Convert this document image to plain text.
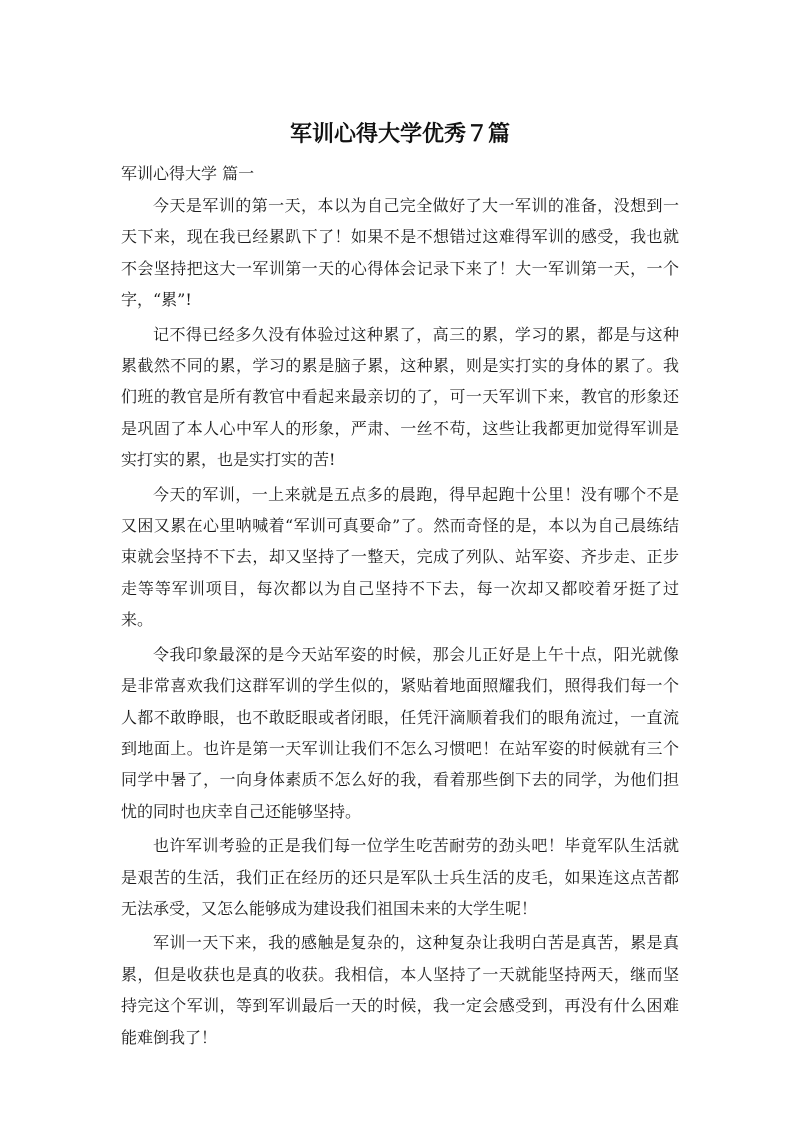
军训心得大学优秀７篇
军训心得大学 篇一

今天是军训的第一天，本以为自己完全做好了大一军训的准备，没想到一天下来，现在我已经累趴下了！如果不是不想错过这难得军训的感受，我也就不会坚持把这大一军训第一天的心得体会记录下来了！大一军训第一天，一个字，“累”!

记不得已经多久没有体验过这种累了，高三的累，学习的累，都是与这种累截然不同的累，学习的累是脑子累，这种累，则是实打实的身体的累了。我们班的教官是所有教官中看起来最亲切的了，可一天军训下来，教官的形象还是巩固了本人心中军人的形象，严肃、一丝不苟，这些让我都更加觉得军训是实打实的累，也是实打实的苦!

今天的军训，一上来就是五点多的晨跑，得早起跑十公里！没有哪个不是又困又累在心里呐喊着“军训可真要命”了。然而奇怪的是，本以为自己晨练结束就会坚持不下去，却又坚持了一整天，完成了列队、站军姿、齐步走、正步走等等军训项目，每次都以为自己坚持不下去，每一次却又都咬着牙挺了过来。

令我印象最深的是今天站军姿的时候，那会儿正好是上午十点，阳光就像是非常喜欢我们这群军训的学生似的，紧贴着地面照耀我们，照得我们每一个人都不敢睁眼，也不敢眨眼或者闭眼，任凭汗滴顺着我们的眼角流过，一直流到地面上。也许是第一天军训让我们不怎么习惯吧！在站军姿的时候就有三个同学中暑了，一向身体素质不怎么好的我，看着那些倒下去的同学，为他们担忧的同时也庆幸自己还能够坚持。

也许军训考验的正是我们每一位学生吃苦耐劳的劲头吧！毕竟军队生活就是艰苦的生活，我们正在经历的还只是军队士兵生活的皮毛，如果连这点苦都无法承受，又怎么能够成为建设我们祖国未来的大学生呢！

军训一天下来，我的感触是复杂的，这种复杂让我明白苦是真苦，累是真累，但是收获也是真的收获。我相信，本人坚持了一天就能坚持两天，继而坚持完这个军训，等到军训最后一天的时候，我一定会感受到，再没有什么困难能难倒我了！
